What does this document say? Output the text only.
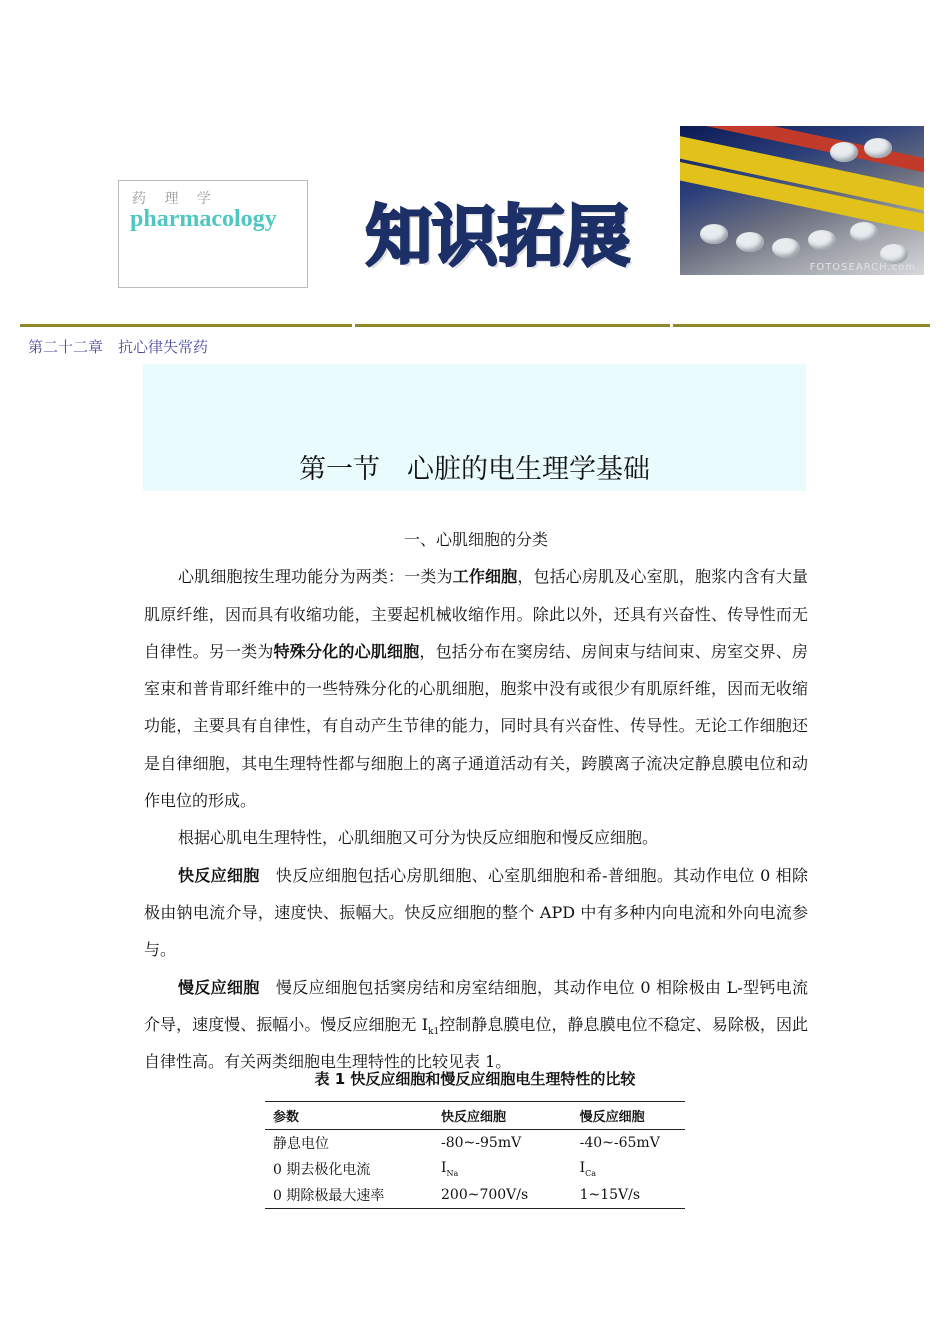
药 理 学
pharmacology 知识拓展	FOTOSEARCH.com
第二十二章　抗心律失常药
第一节　心脏的电生理学基础

一、心肌细胞的分类

心肌细胞按生理功能分为两类：一类为工作细胞，包括心房肌及心室肌，胞浆内含有大量肌原纤维，因而具有收缩功能，主要起机械收缩作用。除此以外，还具有兴奋性、传导性而无自律性。另一类为特殊分化的心肌细胞，包括分布在窦房结、房间束与结间束、房室交界、房室束和普肯耶纤维中的一些特殊分化的心肌细胞，胞浆中没有或很少有肌原纤维，因而无收缩功能，主要具有自律性，有自动产生节律的能力，同时具有兴奋性、传导性。无论工作细胞还是自律细胞，其电生理特性都与细胞上的离子通道活动有关，跨膜离子流决定静息膜电位和动作电位的形成。

根据心肌电生理特性，心肌细胞又可分为快反应细胞和慢反应细胞。

快反应细胞　快反应细胞包括心房肌细胞、心室肌细胞和希-普细胞。其动作电位 0 相除极由钠电流介导，速度快、振幅大。快反应细胞的整个 APD 中有多种内向电流和外向电流参与。

慢反应细胞　慢反应细胞包括窦房结和房室结细胞，其动作电位 0 相除极由 L-型钙电流介导，速度慢、振幅小。慢反应细胞无 $I_{k1}$控制静息膜电位，静息膜电位不稳定、易除极，因此自律性高。有关两类细胞电生理特性的比较见表 1。

表 1 快反应细胞和慢反应细胞电生理特性的比较
参数	快反应细胞	慢反应细胞
静息电位	-80~-95mV	-40~-65mV
0 期去极化电流	$I_{Na}$	$I_{Ca}$
0 期除极最大速率	200~700V/s	1~15V/s
